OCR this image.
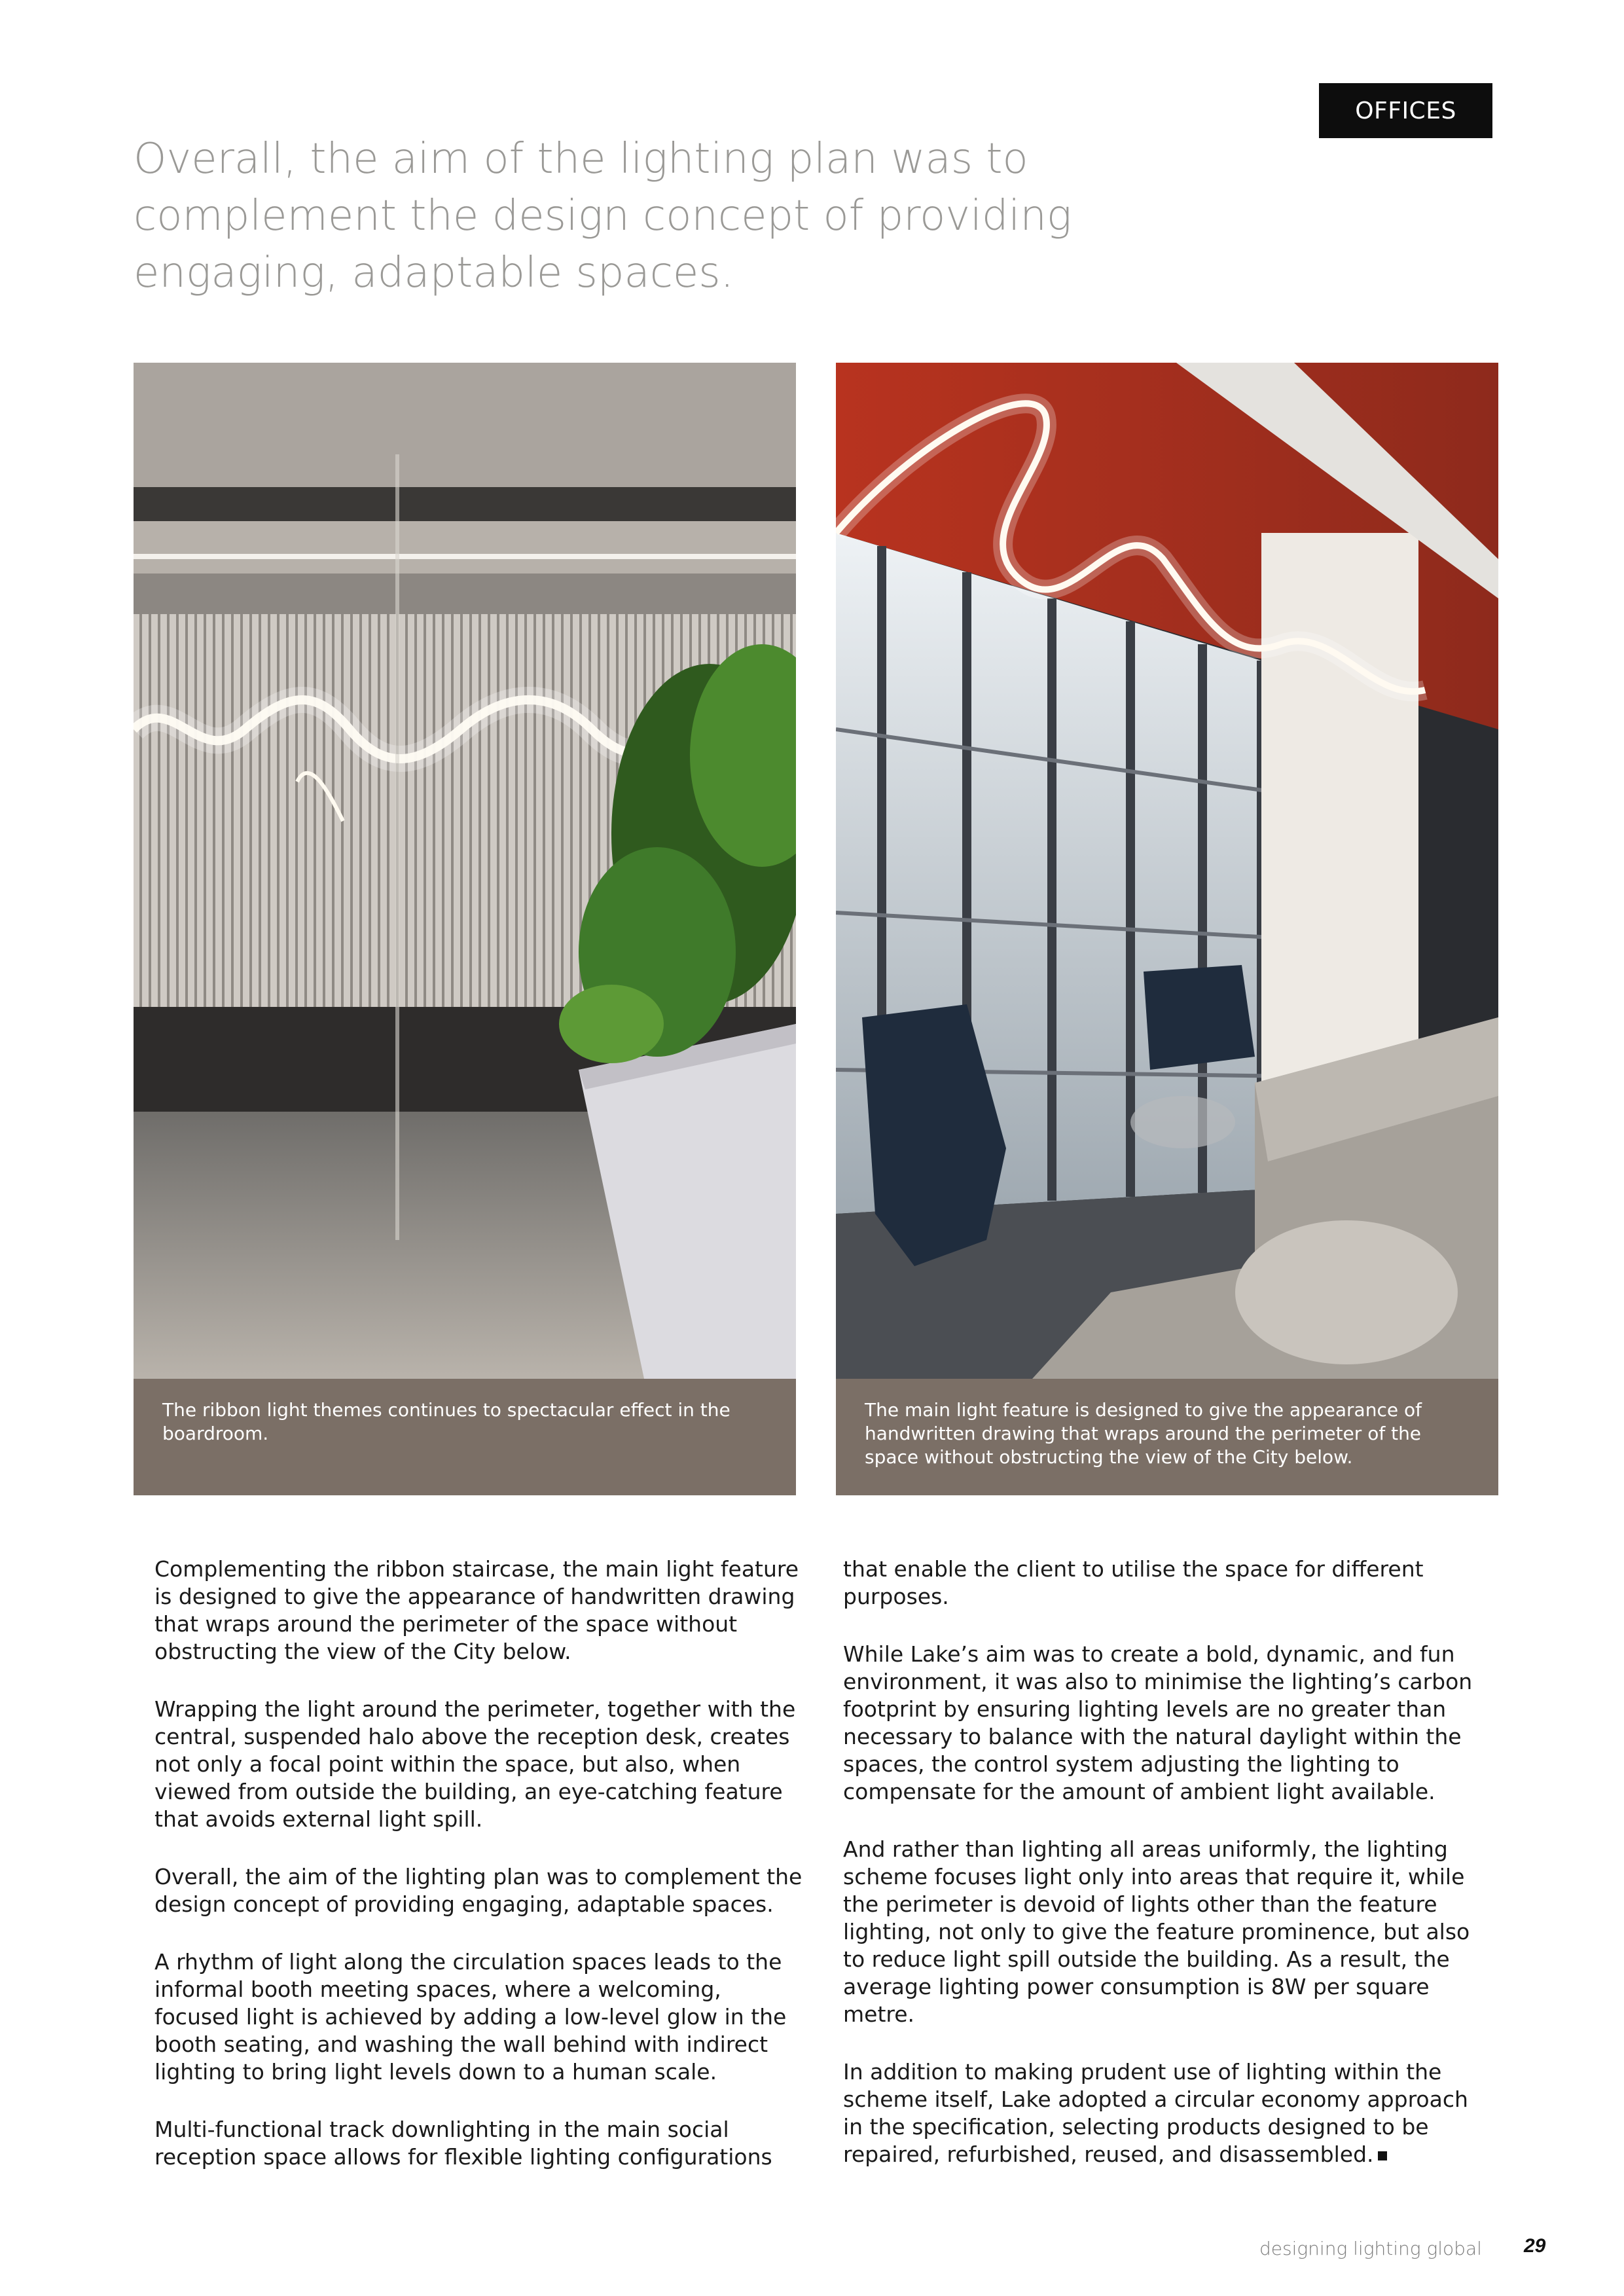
OFFICES
Overall, the aim of the lighting plan was to complement the design concept of providing engaging, adaptable spaces.
The ribbon light themes continues to spectacular effect in the boardroom.
The main light feature is designed to give the appearance of handwritten drawing that wraps around the perimeter of the space without obstructing the view of the City below.

Complementing the ribbon staircase, the main light feature is designed to give the appearance of handwritten drawing that wraps around the perimeter of the space without obstructing the view of the City below.

Wrapping the light around the perimeter, together with the central, suspended halo above the reception desk, creates not only a focal point within the space, but also, when viewed from outside the building, an eye-catching feature that avoids external light spill.

Overall, the aim of the lighting plan was to complement the design concept of providing engaging, adaptable spaces.

A rhythm of light along the circulation spaces leads to the informal booth meeting spaces, where a welcoming, focused light is achieved by adding a low-level glow in the booth seating, and washing the wall behind with indirect lighting to bring light levels down to a human scale.

Multi-functional track downlighting in the main social reception space allows for flexible lighting configurations

that enable the client to utilise the space for different purposes.

While Lake’s aim was to create a bold, dynamic, and fun environment, it was also to minimise the lighting’s carbon footprint by ensuring lighting levels are no greater than necessary to balance with the natural daylight within the spaces, the control system adjusting the lighting to compensate for the amount of ambient light available.

And rather than lighting all areas uniformly, the lighting scheme focuses light only into areas that require it, while the perimeter is devoid of lights other than the feature lighting, not only to give the feature prominence, but also to reduce light spill outside the building. As a result, the average lighting power consumption is 8W per square metre.

In addition to making prudent use of lighting within the scheme itself, Lake adopted a circular economy approach in the specification, selecting products designed to be repaired, refurbished, reused, and disassembled.

designing lighting global 29
